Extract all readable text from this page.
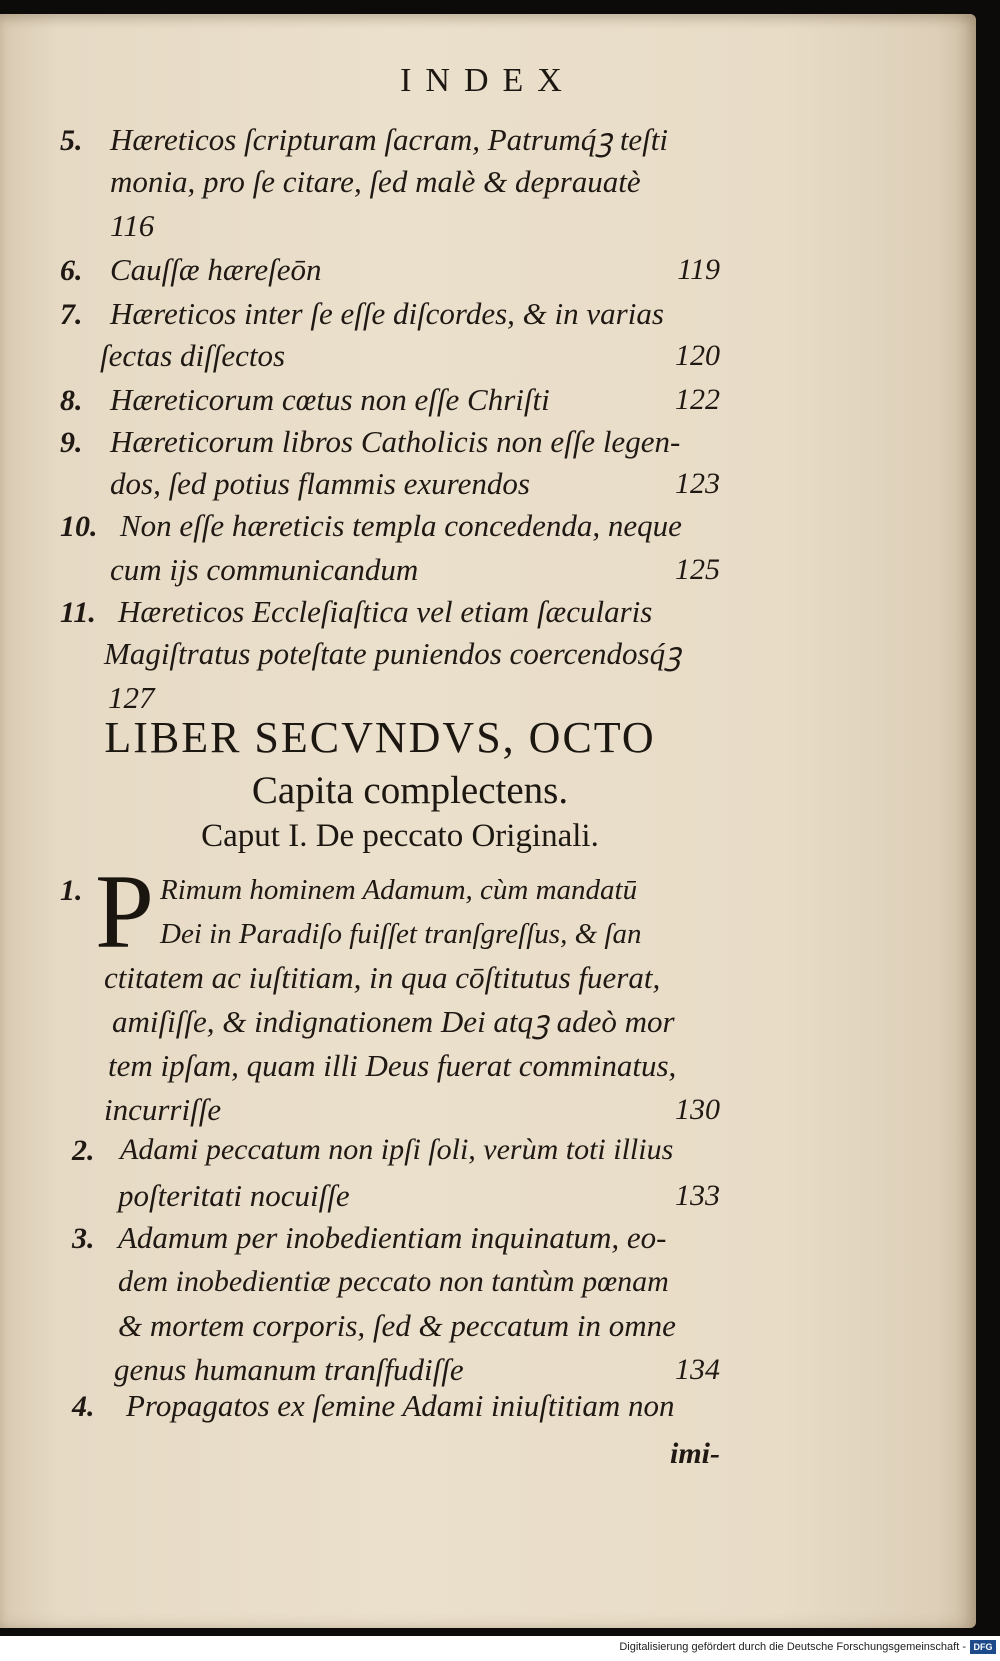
INDEX
5. Hæreticos ſcripturam ſacram, Patrumq́ꝫ teſti
monia, pro ſe citare, ſed malè & deprauatè
116
6. Cauſſæ hæreſeōn	119
7. Hæreticos inter ſe eſſe diſcordes, & in varias
ſectas diſſectos	120
8. Hæreticorum cœtus non eſſe Chriſti	122
9. Hæreticorum libros Catholicis non eſſe legen-
dos, ſed potius flammis exurendos	123
10. Non eſſe hæreticis templa concedenda, neque
cum ijs communicandum	125
11. Hæreticos Eccleſiaſtica vel etiam ſæcularis
Magiſtratus poteſtate puniendos coercendosq́ꝫ
127
LIBER SECVNDVS, OCTO
Capita complectens.
Caput I. De peccato Originali.
P
1.	Rimum hominem Adamum, cùm mandatū
Dei in Paradiſo fuiſſet tranſgreſſus, & ſan
ctitatem ac iuſtitiam, in qua cōſtitutus fuerat,
amiſiſſe, & indignationem Dei atqꝫ adeò mor
tem ipſam, quam illi Deus fuerat comminatus,
incurriſſe	130
2. Adami peccatum non ipſi ſoli, verùm toti illius
poſteritati nocuiſſe	133
3. Adamum per inobedientiam inquinatum, eo-
dem inobedientiæ peccato non tantùm pœnam
& mortem corporis, ſed & peccatum in omne
genus humanum tranſfudiſſe	134
4. Propagatos ex ſemine Adami iniuſtitiam non
imi-
Digitalisierung gefördert durch die Deutsche Forschungsgemeinschaft - DFG
